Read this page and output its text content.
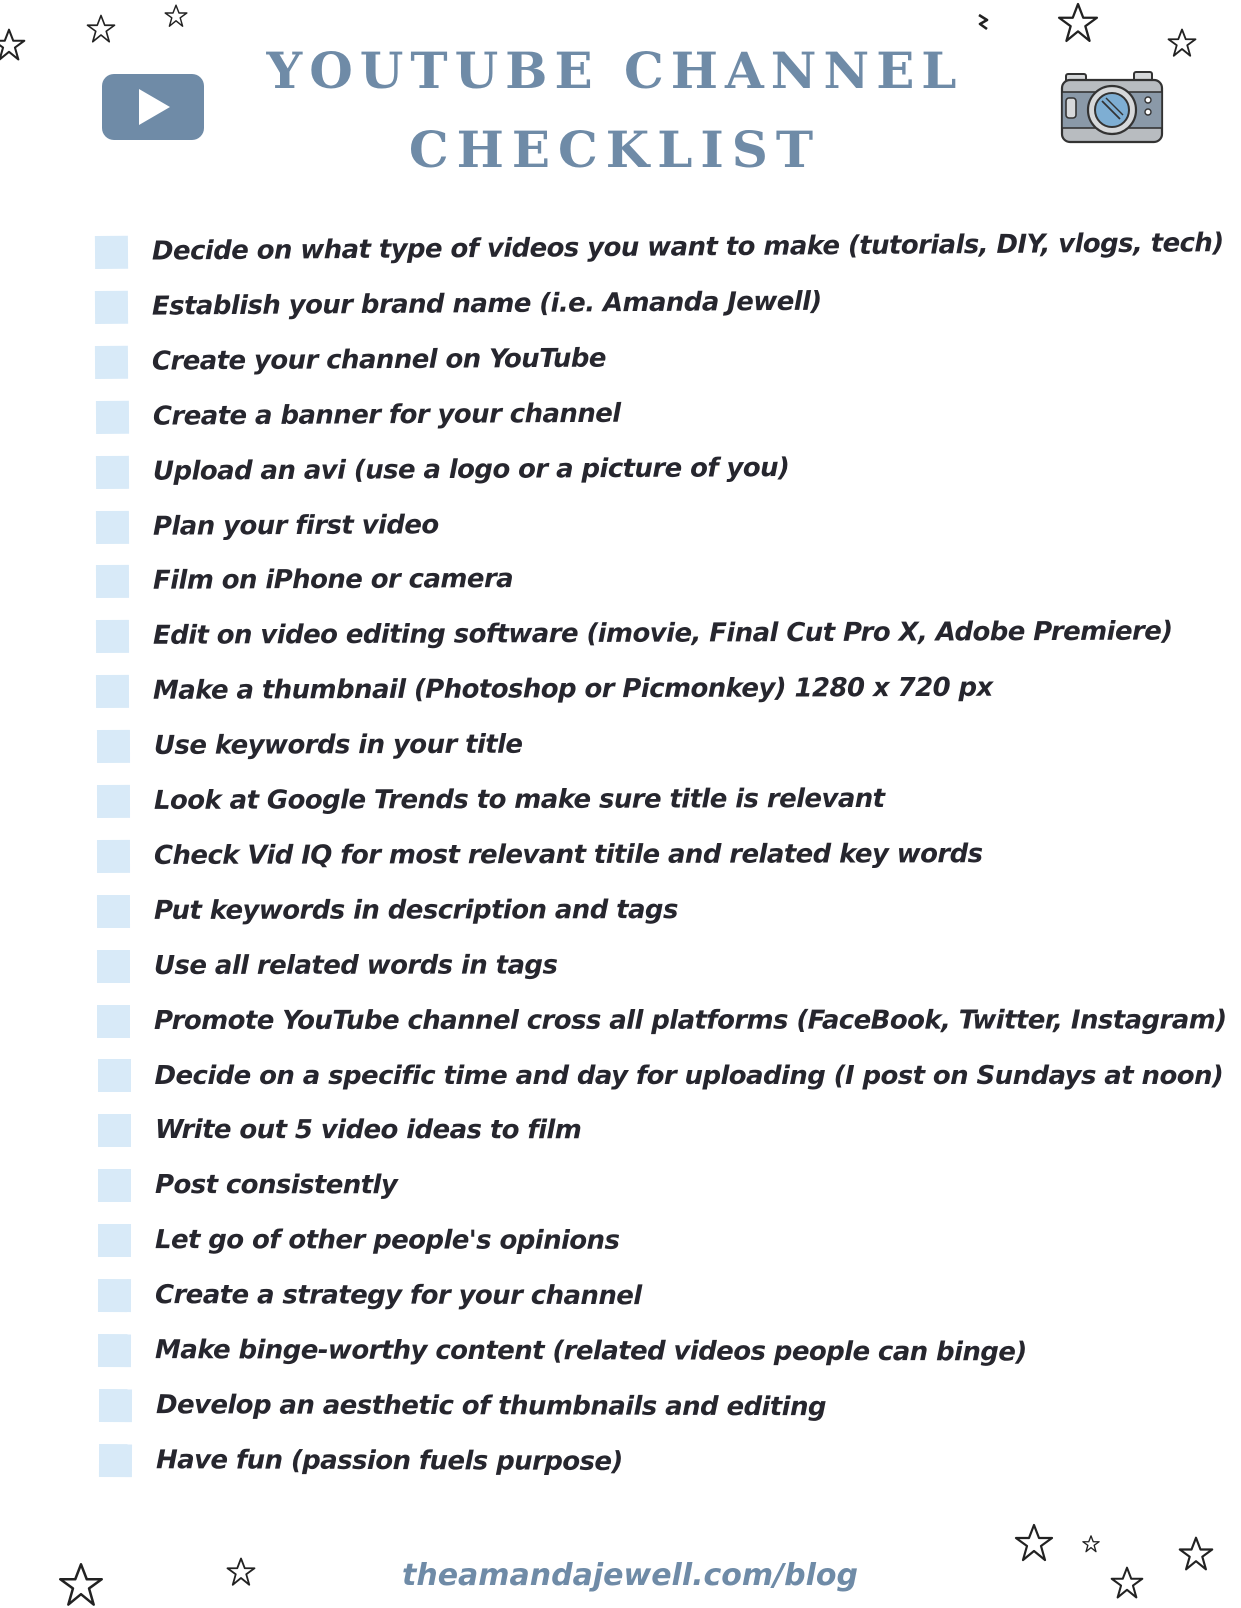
YOUTUBE CHANNEL
CHECKLIST
Decide on what type of videos you want to make (tutorials, DIY, vlogs, tech)
Establish your brand name (i.e. Amanda Jewell)
Create your channel on YouTube
Create a banner for your channel
Upload an avi (use a logo or a picture of you)
Plan your first video
Film on iPhone or camera
Edit on video editing software (imovie, Final Cut Pro X, Adobe Premiere)
Make a thumbnail (Photoshop or Picmonkey) 1280 x 720 px
Use keywords in your title
Look at Google Trends to make sure title is relevant
Check Vid IQ for most relevant titile and related key words
Put keywords in description and tags
Use all related words in tags
Promote YouTube channel cross all platforms (FaceBook, Twitter, Instagram)
Decide on a specific time and day for uploading (I post on Sundays at noon)
Write out 5 video ideas to film
Post consistently
Let go of other people's opinions
Create a strategy for your channel
Make binge-worthy content (related videos people can binge)
Develop an aesthetic of thumbnails and editing
Have fun (passion fuels purpose)
theamandajewell.com/blog
